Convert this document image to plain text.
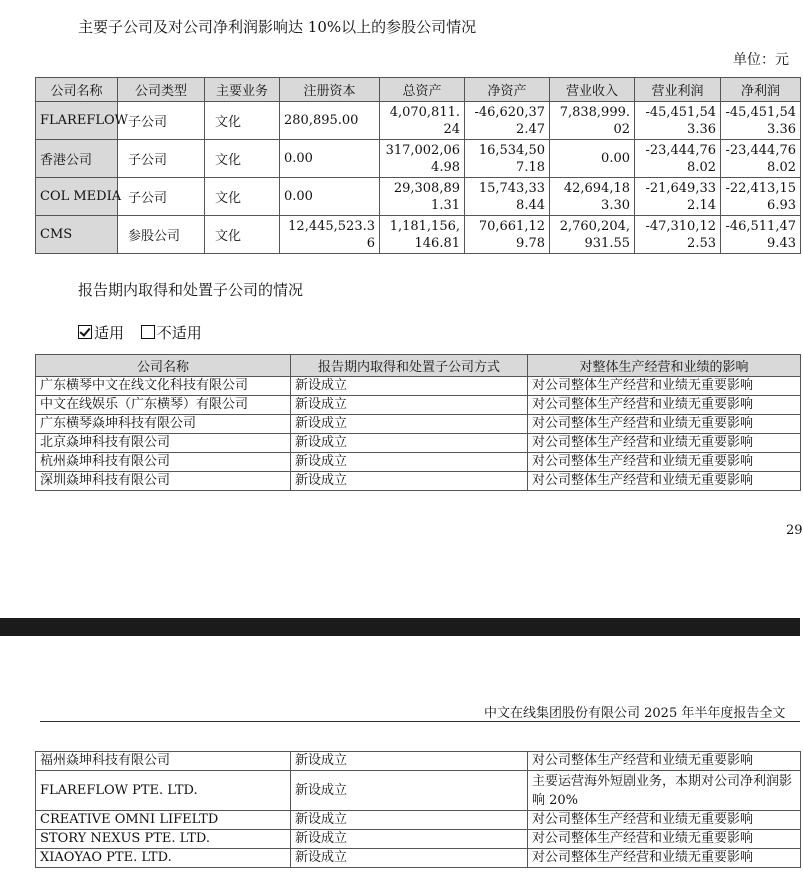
主要子公司及对公司净利润影响达 10%以上的参股公司情况
单位：元
公司名称	公司类型	主要业务	注册资本	总资产	净资产	营业收入	营业利润	净利润
FLAREFLOW	子公司	文化	280,895.00	4,070,811.24	-46,620,372.47	7,838,999.02	-45,451,543.36	-45,451,543.36
香港公司	子公司	文化	0.00	317,002,064.98	16,534,507.18	0.00	-23,444,768.02	-23,444,768.02
COL MEDIA	子公司	文化	0.00	29,308,891.31	15,743,338.44	42,694,183.30	-21,649,332.14	-22,413,156.93
CMS	参股公司	文化	12,445,523.36	1,181,156,146.81	70,661,129.78	2,760,204,931.55	-47,310,122.53	-46,511,479.43
报告期内取得和处置子公司的情况
适用 不适用
公司名称	报告期内取得和处置子公司方式	对整体生产经营和业绩的影响
广东横琴中文在线文化科技有限公司	新设成立	对公司整体生产经营和业绩无重要影响
中文在线娱乐（广东横琴）有限公司	新设成立	对公司整体生产经营和业绩无重要影响
广东横琴焱坤科技有限公司	新设成立	对公司整体生产经营和业绩无重要影响
北京焱坤科技有限公司	新设成立	对公司整体生产经营和业绩无重要影响
杭州焱坤科技有限公司	新设成立	对公司整体生产经营和业绩无重要影响
深圳焱坤科技有限公司	新设成立	对公司整体生产经营和业绩无重要影响
29
中文在线集团股份有限公司 2025 年半年度报告全文
福州焱坤科技有限公司	新设成立	对公司整体生产经营和业绩无重要影响
FLAREFLOW PTE. LTD.	新设成立	主要运营海外短剧业务，本期对公司净利润影响 20%
CREATIVE OMNI LIFELTD	新设成立	对公司整体生产经营和业绩无重要影响
STORY NEXUS PTE. LTD.	新设成立	对公司整体生产经营和业绩无重要影响
XIAOYAO PTE. LTD.	新设成立	对公司整体生产经营和业绩无重要影响
